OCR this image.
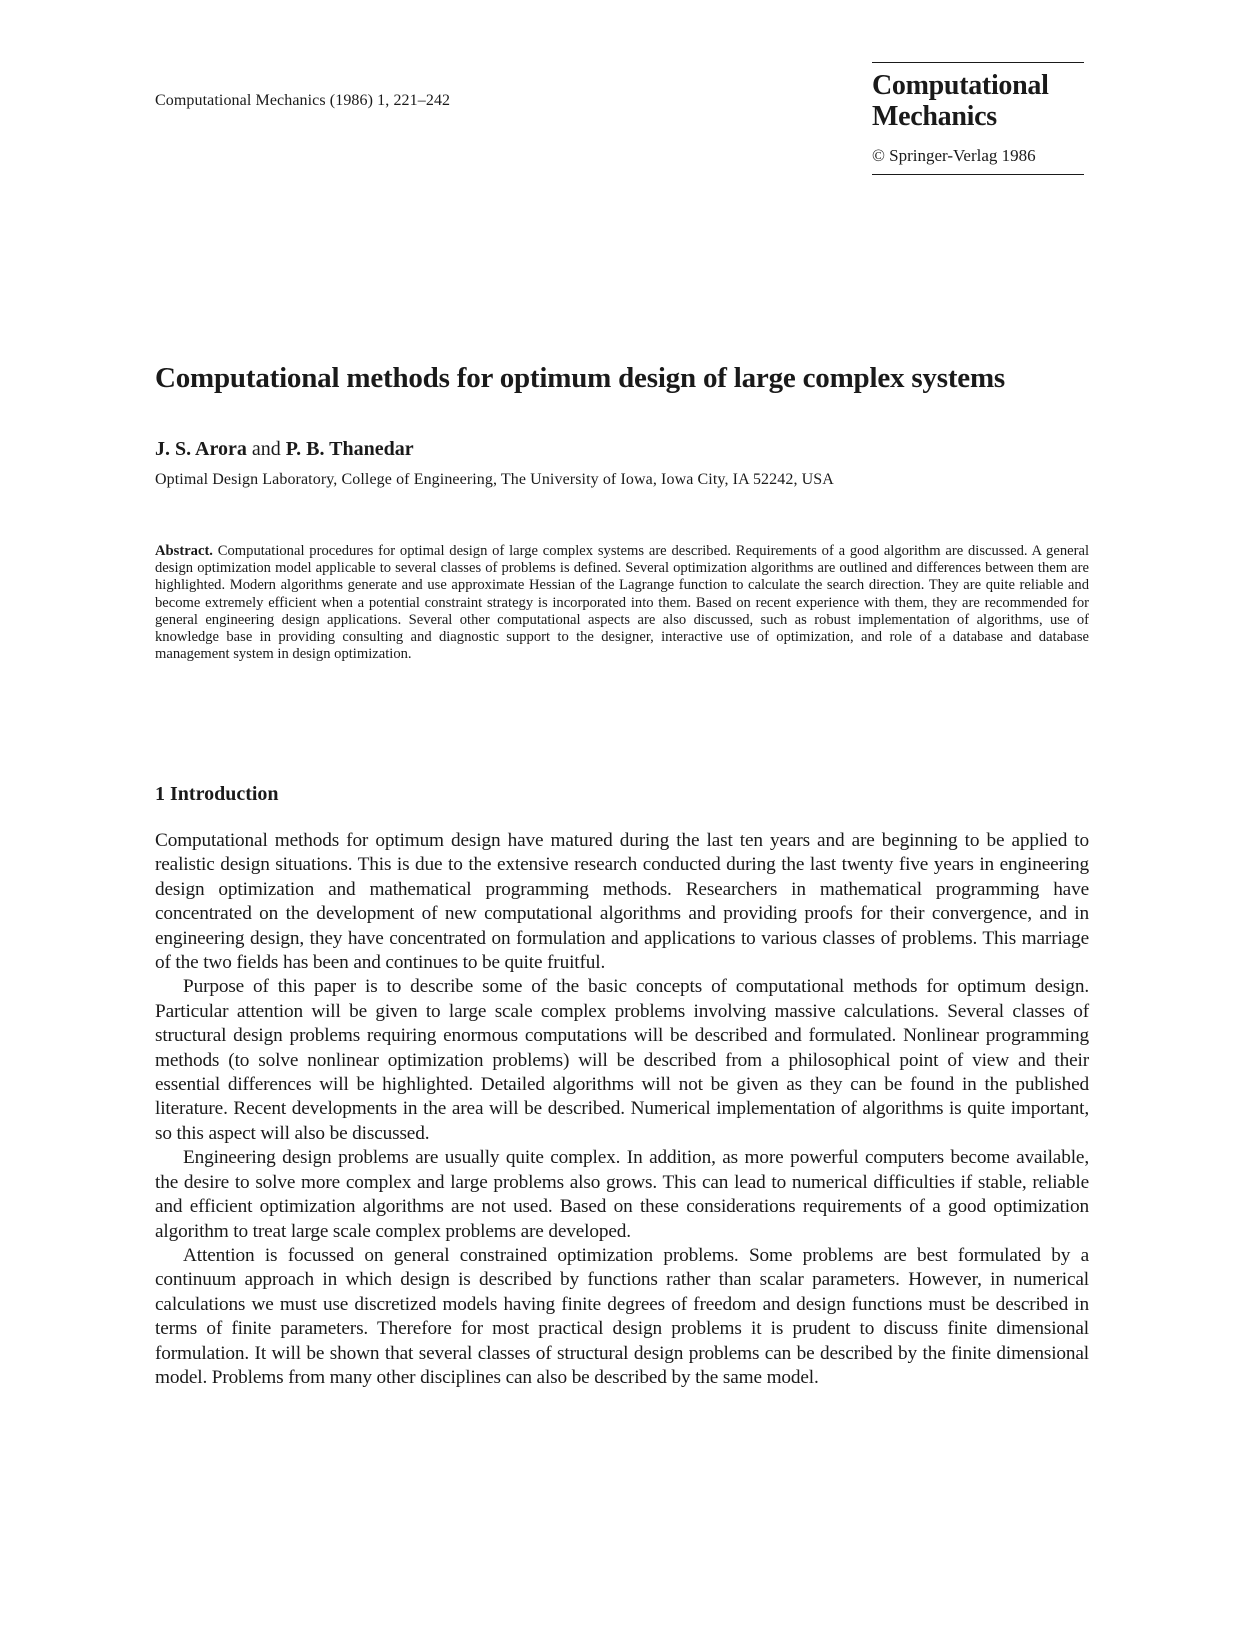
Computational Mechanics (1986) 1, 221–242	Computational
Mechanics
© Springer-Verlag 1986
Computational methods for optimum design of large complex systems
J. S. Arora and P. B. Thanedar
Optimal Design Laboratory, College of Engineering, The University of Iowa, Iowa City, IA 52242, USA

Abstract. Computational procedures for optimal design of large complex systems are described. Requirements of a good algorithm are discussed. A general design optimization model applicable to several classes of problems is defined. Several optimization algorithms are outlined and differences between them are highlighted. Modern algorithms generate and use approximate Hessian of the Lagrange function to calculate the search direction. They are quite reliable and become extremely efficient when a potential constraint strategy is incorporated into them. Based on recent experience with them, they are recommended for general engineering design applications. Several other computational aspects are also discussed, such as robust implementation of algorithms, use of knowledge base in providing consulting and diagnostic support to the designer, interactive use of optimization, and role of a database and database management system in design optimization.

1 Introduction

Computational methods for optimum design have matured during the last ten years and are beginning to be applied to realistic design situations. This is due to the extensive research conducted during the last twenty five years in engineering design optimization and mathematical programming methods. Researchers in mathematical programming have concentrated on the development of new computational algorithms and providing proofs for their convergence, and in engineering design, they have concentrated on formulation and applications to various classes of problems. This marriage of the two fields has been and continues to be quite fruitful.

Purpose of this paper is to describe some of the basic concepts of computational methods for optimum design. Particular attention will be given to large scale complex problems involving massive calculations. Several classes of structural design problems requiring enormous computations will be described and formulated. Nonlinear programming methods (to solve nonlinear optimization problems) will be described from a philosophical point of view and their essential differences will be highlighted. Detailed algorithms will not be given as they can be found in the published literature. Recent developments in the area will be described. Numerical implementation of algorithms is quite important, so this aspect will also be discussed.

Engineering design problems are usually quite complex. In addition, as more powerful computers become available, the desire to solve more complex and large problems also grows. This can lead to numerical difficulties if stable, reliable and efficient optimization algorithms are not used. Based on these considerations requirements of a good optimization algorithm to treat large scale complex problems are developed.

Attention is focussed on general constrained optimization problems. Some problems are best formulated by a continuum approach in which design is described by functions rather than scalar parameters. However, in numerical calculations we must use discretized models having finite degrees of freedom and design functions must be described in terms of finite parameters. Therefore for most practical design problems it is prudent to discuss finite dimensional formulation. It will be shown that several classes of structural design problems can be described by the finite dimensional model. Problems from many other disciplines can also be described by the same model.
